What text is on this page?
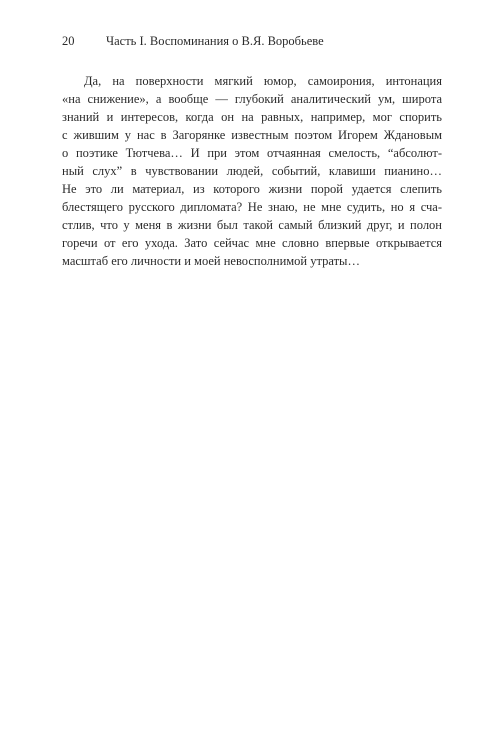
20	Часть I. Воспоминания о В.Я. Воробьеве
Да, на поверхности мягкий юмор, самоирония, интонация
«на снижение», а вообще — глубокий аналитический ум, широта
знаний и интересов, когда он на равных, например, мог спорить
с жившим у нас в Загорянке известным поэтом Игорем Ждановым
о поэтике Тютчева… И при этом отчаянная смелость, “абсолют-
ный слух” в чувствовании людей, событий, клавиши пианино…
Не это ли материал, из которого жизни порой удается слепить
блестящего русского дипломата? Не знаю, не мне судить, но я сча-
стлив, что у меня в жизни был такой самый близкий друг, и полон
горечи от его ухода. Зато сейчас мне словно впервые открывается
масштаб его личности и моей невосполнимой утраты…
